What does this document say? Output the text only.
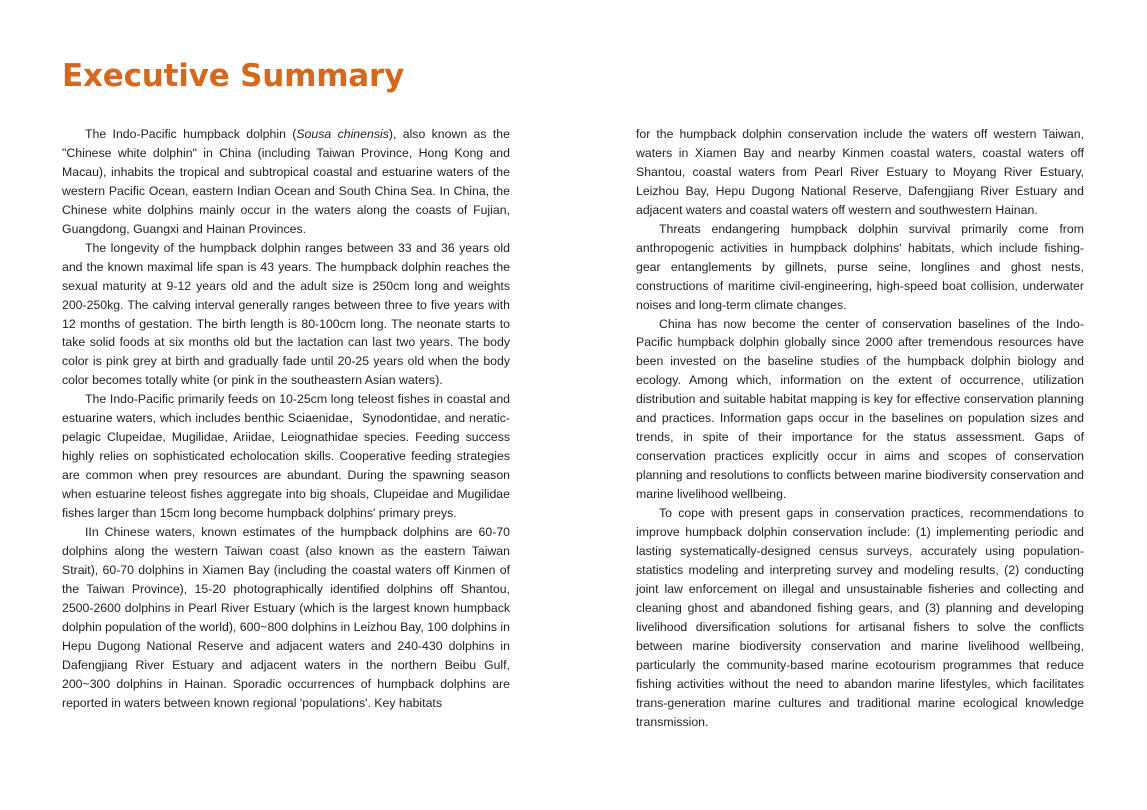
Executive Summary

The Indo-Pacific humpback dolphin (Sousa chinensis), also known as the "Chinese white dolphin" in China (including Taiwan Province, Hong Kong and Macau), inhabits the tropical and subtropical coastal and estuarine waters of the western Pacific Ocean, eastern Indian Ocean and South China Sea. In China, the Chinese white dolphins mainly occur in the waters along the coasts of Fujian, Guangdong, Guangxi and Hainan Provinces.

The longevity of the humpback dolphin ranges between 33 and 36 years old and the known maximal life span is 43 years. The humpback dolphin reaches the sexual maturity at 9-12 years old and the adult size is 250cm long and weights 200-250kg. The calving interval generally ranges between three to five years with 12 months of gestation. The birth length is 80-100cm long. The neonate starts to take solid foods at six months old but the lactation can last two years. The body color is pink grey at birth and gradually fade until 20-25 years old when the body color becomes totally white (or pink in the southeastern Asian waters).

The Indo-Pacific primarily feeds on 10-25cm long teleost fishes in coastal and estuarine waters, which includes benthic Sciaenidae，Synodontidae, and neratic-pelagic Clupeidae, Mugilidae, Ariidae, Leiognathidae species. Feeding success highly relies on sophisticated echolocation skills. Cooperative feeding strategies are common when prey resources are abundant. During the spawning season when estuarine teleost fishes aggregate into big shoals, Clupeidae and Mugilidae fishes larger than 15cm long become humpback dolphins' primary preys.

IIn Chinese waters, known estimates of the humpback dolphins are 60-70 dolphins along the western Taiwan coast (also known as the eastern Taiwan Strait), 60-70 dolphins in Xiamen Bay (including the coastal waters off Kinmen of the Taiwan Province), 15-20 photographically identified dolphins off Shantou, 2500-2600 dolphins in Pearl River Estuary (which is the largest known humpback dolphin population of the world), 600~800 dolphins in Leizhou Bay, 100 dolphins in Hepu Dugong National Reserve and adjacent waters and 240-430 dolphins in Dafengjiang River Estuary and adjacent waters in the northern Beibu Gulf, 200~300 dolphins in Hainan. Sporadic occurrences of humpback dolphins are reported in waters between known regional 'populations'. Key habitats

for the humpback dolphin conservation include the waters off western Taiwan, waters in Xiamen Bay and nearby Kinmen coastal waters, coastal waters off Shantou, coastal waters from Pearl River Estuary to Moyang River Estuary, Leizhou Bay, Hepu Dugong National Reserve, Dafengjiang River Estuary and adjacent waters and coastal waters off western and southwestern Hainan.

Threats endangering humpback dolphin survival primarily come from anthropogenic activities in humpback dolphins' habitats, which include fishing-gear entanglements by gillnets, purse seine, longlines and ghost nests, constructions of maritime civil-engineering, high-speed boat collision, underwater noises and long-term climate changes.

China has now become the center of conservation baselines of the Indo-Pacific humpback dolphin globally since 2000 after tremendous resources have been invested on the baseline studies of the humpback dolphin biology and ecology. Among which, information on the extent of occurrence, utilization distribution and suitable habitat mapping is key for effective conservation planning and practices. Information gaps occur in the baselines on population sizes and trends, in spite of their importance for the status assessment. Gaps of conservation practices explicitly occur in aims and scopes of conservation planning and resolutions to conflicts between marine biodiversity conservation and marine livelihood wellbeing.

To cope with present gaps in conservation practices, recommendations to improve humpback dolphin conservation include: (1) implementing periodic and lasting systematically-designed census surveys, accurately using population-statistics modeling and interpreting survey and modeling results, (2) conducting joint law enforcement on illegal and unsustainable fisheries and collecting and cleaning ghost and abandoned fishing gears, and (3) planning and developing livelihood diversification solutions for artisanal fishers to solve the conflicts between marine biodiversity conservation and marine livelihood wellbeing, particularly the community-based marine ecotourism programmes that reduce fishing activities without the need to abandon marine lifestyles, which facilitates trans-generation marine cultures and traditional marine ecological knowledge transmission.
